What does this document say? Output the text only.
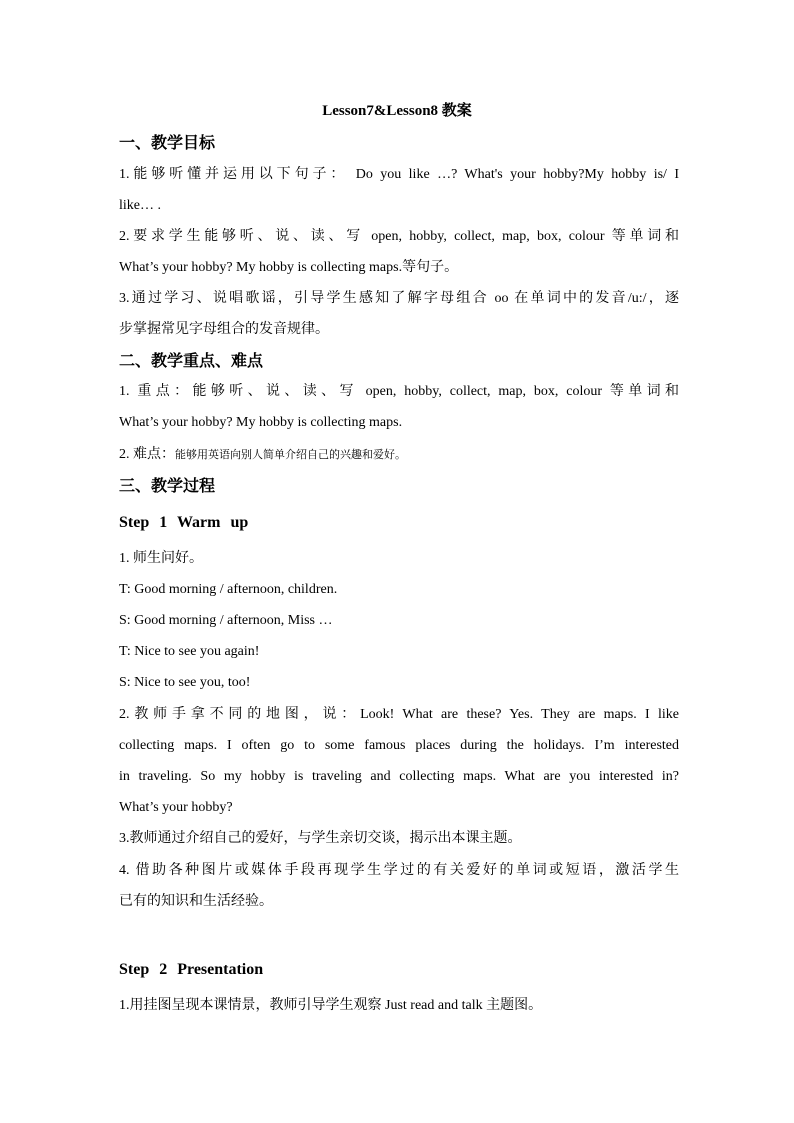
Lesson7&Lesson8 教案
一、教学目标
1.能够听懂并运用以下句子： Do you like …? What's your hobby?My hobby is/ I
like… .
2.要求学生能够听、说、读、写 open, hobby, collect, map, box, colour 等单词和
What’s your hobby? My hobby is collecting maps.等句子。
3.通过学习、说唱歌谣，引导学生感知了解字母组合 oo 在单词中的发音/u:/，逐
步掌握常见字母组合的发音规律。
二、教学重点、难点
1. 重点：能够听、说、读、写 open, hobby, collect, map, box, colour 等单词和
What’s your hobby? My hobby is collecting maps.
2. 难点：能够用英语向别人简单介绍自己的兴趣和爱好。
三、教学过程
Step 1 Warm up
1. 师生问好。
T: Good morning / afternoon, children.
S: Good morning / afternoon, Miss …
T: Nice to see you again!
S: Nice to see you, too!
2.教师手拿不同的地图，说：Look! What are these? Yes. They are maps. I like
collecting maps. I often go to some famous places during the holidays. I’m interested
in traveling. So my hobby is traveling and collecting maps. What are you interested in?
What’s your hobby?
3.教师通过介绍自己的爱好，与学生亲切交谈，揭示出本课主题。
4. 借助各种图片或媒体手段再现学生学过的有关爱好的单词或短语，激活学生
已有的知识和生活经验。
Step 2 Presentation
1.用挂图呈现本课情景，教师引导学生观察 Just read and talk 主题图。
